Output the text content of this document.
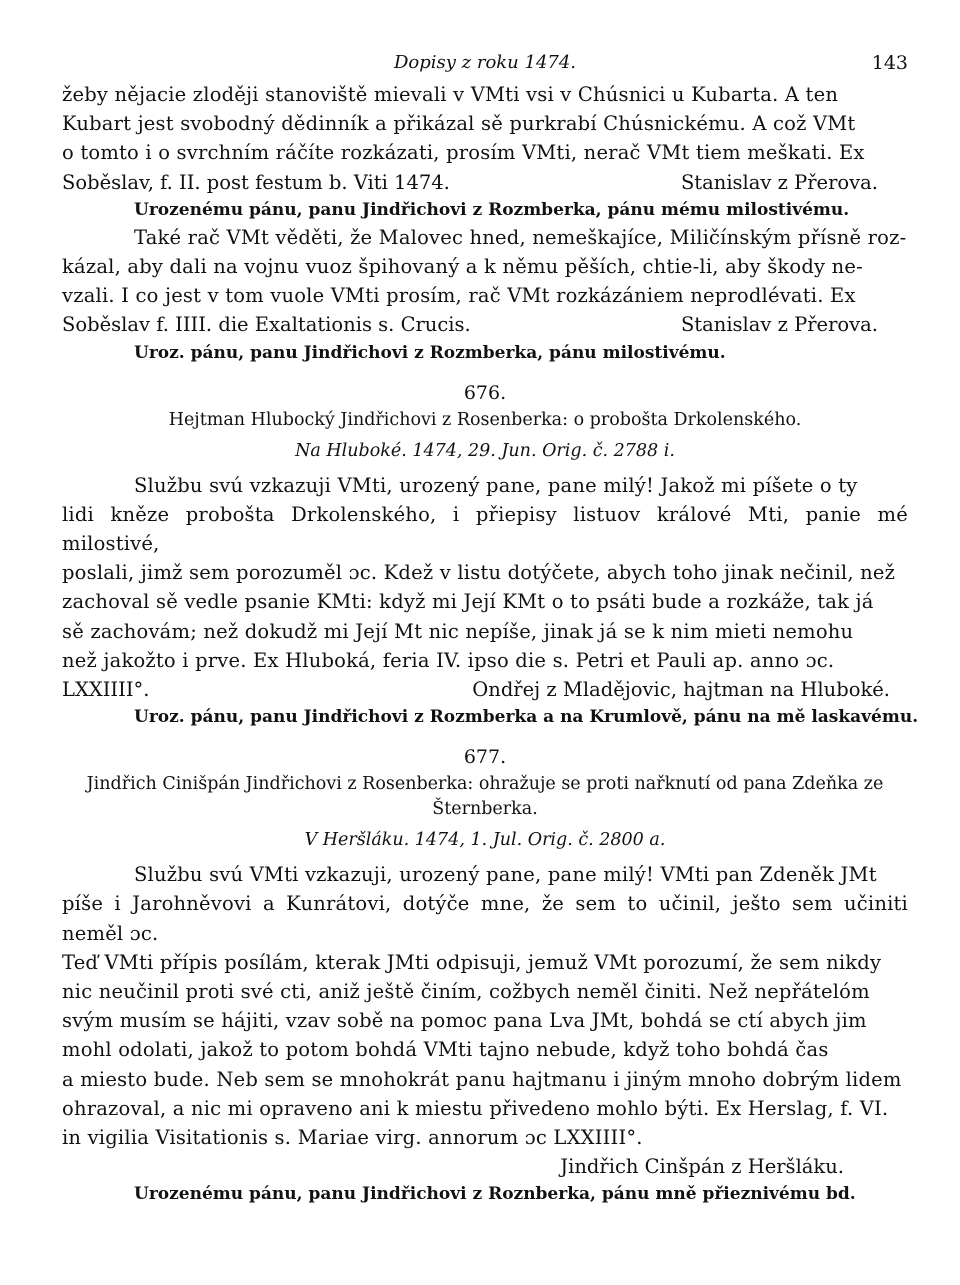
Dopisy z roku 1474.	143

žeby nějacie zloději stanoviště mievali v VMti vsi v Chúsnici u Kubarta. A ten

Kubart jest svobodný dědinník a přikázal sě purkrabí Chúsnickému. A což VMt

o tomto i o svrchním ráčíte rozkázati, prosím VMti, nerač VMt tiem meškati. Ex

Soběslav, f. II. post festum b. Viti 1474.	Stanislav z Přerova.

Urozenému pánu, panu Jindřichovi z Rozmberka, pánu mému milostivému.

Také rač VMt věděti, že Malovec hned, nemeškajíce, Miličínským přísně roz-

kázal, aby dali na vojnu vuoz špihovaný a k němu pěších, chtie-li, aby škody ne-

vzali. I co jest v tom vuole VMti prosím, rač VMt rozkázániem neprodlévati. Ex

Soběslav f. IIII. die Exaltationis s. Crucis.	Stanislav z Přerova.

Uroz. pánu, panu Jindřichovi z Rozmberka, pánu milostivému.

676.

Hejtman Hlubocký Jindřichovi z Rosenberka: o probošta Drkolenského.

Na Hluboké. 1474, 29. Jun. Orig. č. 2788 i.

Službu svú vzkazuji VMti, urozený pane, pane milý! Jakož mi píšete o ty

lidi kněze probošta Drkolenského, i přiepisy listuov králové Mti, panie mé milostivé,

poslali, jimž sem porozuměl ɔc. Kdež v listu dotýčete, abych toho jinak nečinil, než

zachoval sě vedle psanie KMti: když mi Její KMt o to psáti bude a rozkáže, tak já

sě zachovám; než dokudž mi Její Mt nic nepíše, jinak já se k nim mieti nemohu

než jakožto i prve. Ex Hluboká, feria IV. ipso die s. Petri et Pauli ap. anno ɔc.

LXXIIII°.	Ondřej z Mladějovic, hajtman na Hluboké.

Uroz. pánu, panu Jindřichovi z Rozmberka a na Krumlově, pánu na mě laskavému.

677.

Jindřich Cinišpán Jindřichovi z Rosenberka: ohražuje se proti nařknutí od pana Zdeňka ze

Šternberka.

V Heršláku. 1474, 1. Jul. Orig. č. 2800 a.

Službu svú VMti vzkazuji, urozený pane, pane milý! VMti pan Zdeněk JMt

píše i Jarohněvovi a Kunrátovi, dotýče mne, že sem to učinil, ješto sem učiniti neměl ɔc.

Teď VMti přípis posílám, kterak JMti odpisuji, jemuž VMt porozumí, že sem nikdy

nic neučinil proti své cti, aniž ještě činím, cožbych neměl činiti. Než nepřátelóm

svým musím se hájiti, vzav sobě na pomoc pana Lva JMt, bohdá se ctí abych jim

mohl odolati, jakož to potom bohdá VMti tajno nebude, když toho bohdá čas

a miesto bude. Neb sem se mnohokrát panu hajtmanu i jiným mnoho dobrým lidem

ohrazoval, a nic mi opraveno ani k miestu přivedeno mohlo býti. Ex Herslag, f. VI.

in vigilia Visitationis s. Mariae virg. annorum ɔc LXXIIII°.

Jindřich Cinšpán z Heršláku.

Urozenému pánu, panu Jindřichovi z Roznberka, pánu mně přieznivému bd.
